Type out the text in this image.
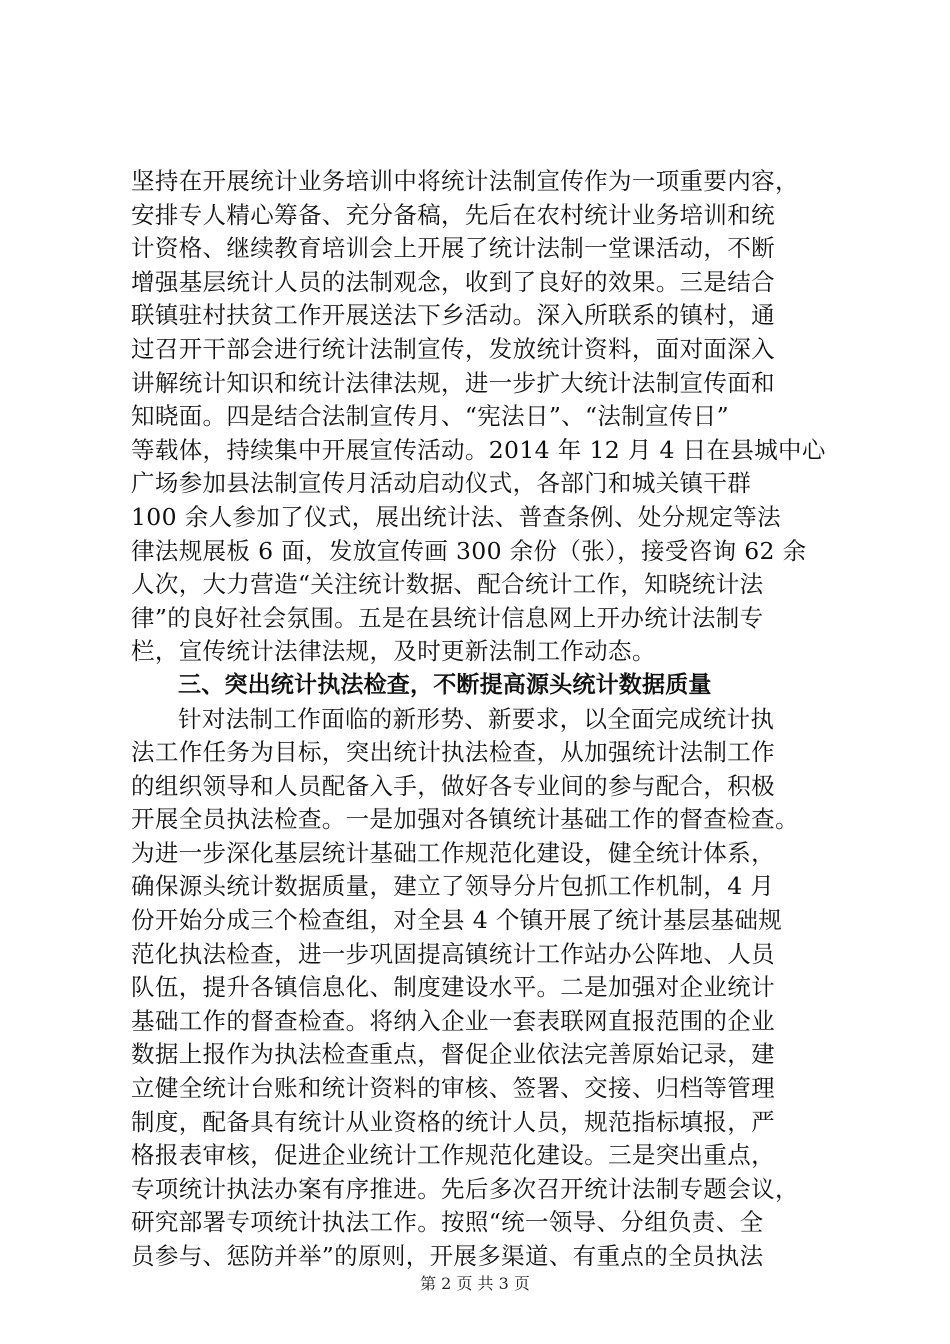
坚持在开展统计业务培训中将统计法制宣传作为一项重要内容，
安排专人精心筹备、充分备稿，先后在农村统计业务培训和统
计资格、继续教育培训会上开展了统计法制一堂课活动，不断
增强基层统计人员的法制观念，收到了良好的效果。三是结合
联镇驻村扶贫工作开展送法下乡活动。深入所联系的镇村，通
过召开干部会进行统计法制宣传，发放统计资料，面对面深入
讲解统计知识和统计法律法规，进一步扩大统计法制宣传面和
知晓面。四是结合法制宣传月、“宪法日”、“法制宣传日”
等载体，持续集中开展宣传活动。2014 年 12 月 4 日在县城中心
广场参加县法制宣传月活动启动仪式，各部门和城关镇干群
100 余人参加了仪式，展出统计法、普查条例、处分规定等法
律法规展板 6 面，发放宣传画 300 余份（张），接受咨询 62 余
人次，大力营造“关注统计数据、配合统计工作，知晓统计法
律”的良好社会氛围。五是在县统计信息网上开办统计法制专
栏，宣传统计法律法规，及时更新法制工作动态。
三、突出统计执法检查，不断提高源头统计数据质量
针对法制工作面临的新形势、新要求，以全面完成统计执
法工作任务为目标，突出统计执法检查，从加强统计法制工作
的组织领导和人员配备入手，做好各专业间的参与配合，积极
开展全员执法检查。一是加强对各镇统计基础工作的督查检查。
为进一步深化基层统计基础工作规范化建设，健全统计体系，
确保源头统计数据质量，建立了领导分片包抓工作机制，4 月
份开始分成三个检查组，对全县 4 个镇开展了统计基层基础规
范化执法检查，进一步巩固提高镇统计工作站办公阵地、人员
队伍，提升各镇信息化、制度建设水平。二是加强对企业统计
基础工作的督查检查。将纳入企业一套表联网直报范围的企业
数据上报作为执法检查重点，督促企业依法完善原始记录，建
立健全统计台账和统计资料的审核、签署、交接、归档等管理
制度，配备具有统计从业资格的统计人员，规范指标填报，严
格报表审核，促进企业统计工作规范化建设。三是突出重点，
专项统计执法办案有序推进。先后多次召开统计法制专题会议，
研究部署专项统计执法工作。按照“统一领导、分组负责、全
员参与、惩防并举”的原则，开展多渠道、有重点的全员执法
第 2 页 共 3 页
